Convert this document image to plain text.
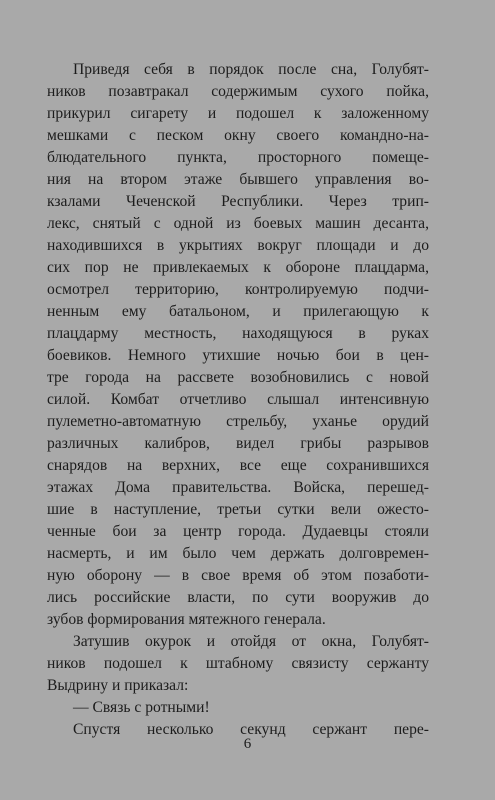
Приведя себя в порядок после сна, Голубят-
ников позавтракал содержимым сухого пойка,
прикурил сигарету и подошел к заложенному
мешками с песком окну своего командно-на-
блюдательного пункта, просторного помеще-
ния на втором этаже бывшего управления во-
кзалами Чеченской Республики. Через трип-
лекс, снятый с одной из боевых машин десанта,
находившихся в укрытиях вокруг площади и до
сих пор не привлекаемых к обороне плацдарма,
осмотрел территорию, контролируемую подчи-
ненным ему батальоном, и прилегающую к
плацдарму местность, находящуюся в руках
боевиков. Немного утихшие ночью бои в цен-
тре города на рассвете возобновились с новой
силой. Комбат отчетливо слышал интенсивную
пулеметно-автоматную стрельбу, уханье орудий
различных калибров, видел грибы разрывов
снарядов на верхних, все еще сохранившихся
этажах Дома правительства. Войска, перешед-
шие в наступление, третьи сутки вели ожесто-
ченные бои за центр города. Дудаевцы стояли
насмерть, и им было чем держать долговремен-
ную оборону — в свое время об этом позаботи-
лись российские власти, по сути вооружив до
зубов формирования мятежного генерала.
Затушив окурок и отойдя от окна, Голубят-
ников подошел к штабному связисту сержанту
Выдрину и приказал:
— Связь с ротными!
Спустя несколько секунд сержант пере-
6
